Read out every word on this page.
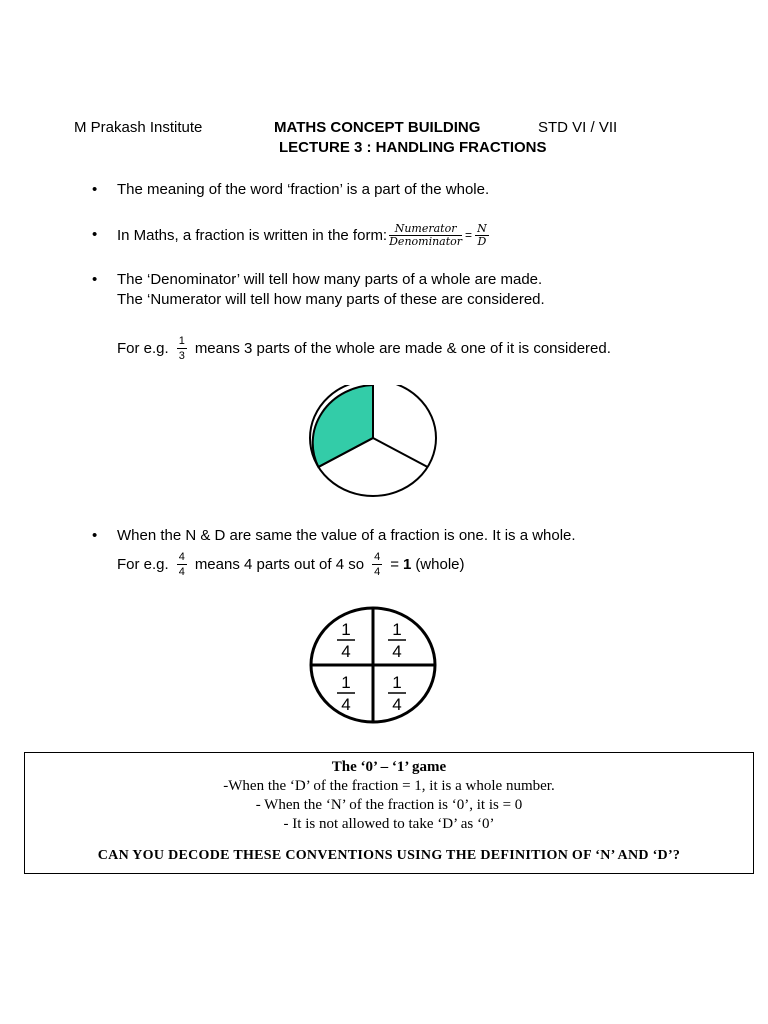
M Prakash Institute	MATHS CONCEPT BUILDING	STD VI / VII
LECTURE 3 : HANDLING FRACTIONS
• The meaning of the word ‘fraction’ is a part of the whole.
• In Maths, a fraction is written in the form: $\frac{\text{Numerator}}{\text{Denominator}} = \frac{N}{D}$
• The ‘Denominator’ will tell how many parts of a whole are made.
The ‘Numerator will tell how many parts of these are considered.
For e.g. $\frac{1}{3}$ means 3 parts of the whole are made & one of it is considered.
• When the N & D are same the value of a fraction is one. It is a whole.
For e.g. $\frac{4}{4}$ means 4 parts out of 4 so $\frac{4}{4} = 1$ (whole)
1
4
1
4
1
4
1
4
The ‘0’ – ‘1’ game
-When the ‘D’ of the fraction = 1, it is a whole number.
- When the ‘N’ of the fraction is ‘0’, it is = 0
- It is not allowed to take ‘D’ as ‘0’
CAN YOU DECODE THESE CONVENTIONS USING THE DEFINITION OF ‘N’ AND ‘D’?
